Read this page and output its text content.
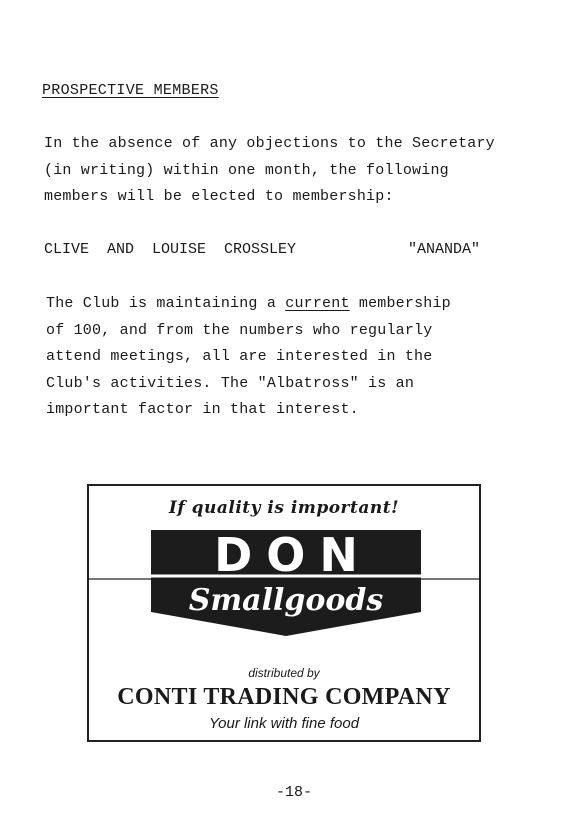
PROSPECTIVE MEMBERS
In the absence of any objections to the Secretary
(in writing) within one month, the following
members will be elected to membership:
CLIVE  AND  LOUISE  CROSSLEY	"ANANDA"
The Club is maintaining a current membership
of 100, and from the numbers who regularly
attend meetings, all are interested in the
Club's activities. The "Albatross" is an
important factor in that interest.
If quality is important!
DON
Smallgoods
distributed by
CONTI TRADING COMPANY
Your link with fine food
-18-
